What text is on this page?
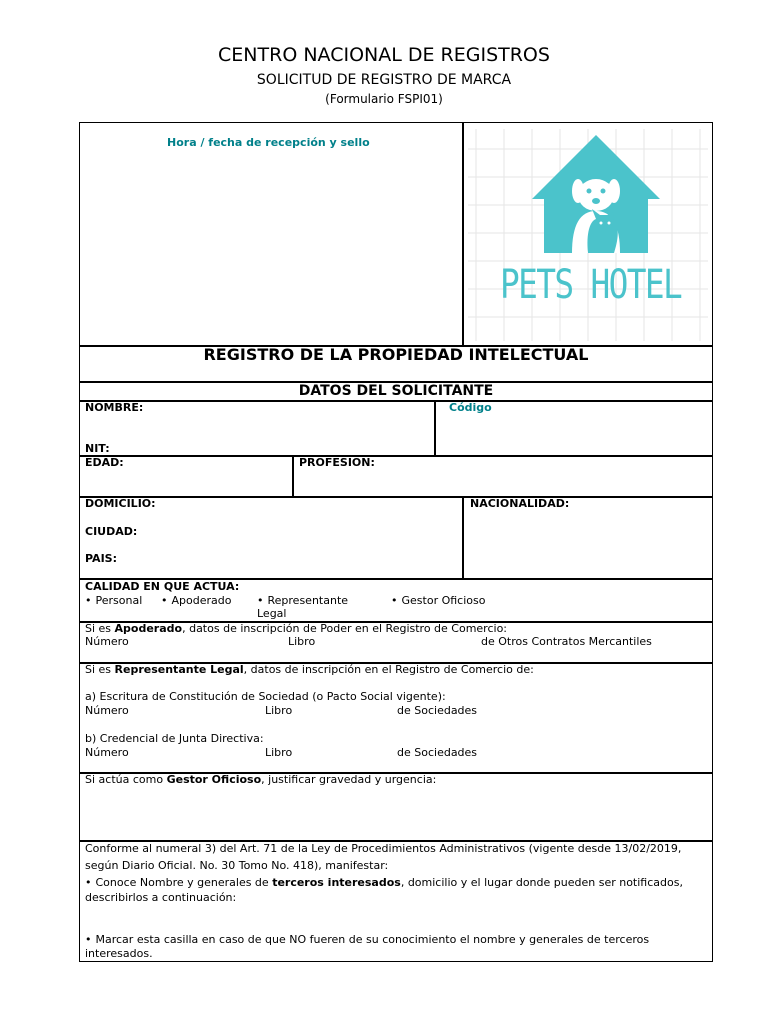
CENTRO NACIONAL DE REGISTROS
SOLICITUD DE REGISTRO DE MARCA
(Formulario FSPI01)
Hora / fecha de recepción y sello
PETS HOTEL
REGISTRO DE LA PROPIEDAD INTELECTUAL
DATOS DEL SOLICITANTE
NOMBRE:
NIT:
Código
EDAD:	PROFESION:
DOMICILIO:
CIUDAD:
PAIS:
NACIONALIDAD:
CALIDAD EN QUE ACTUA:
• Personal	• Apoderado	• Representante
Legal
• Gestor Oficioso
Si es Apoderado, datos de inscripción de Poder en el Registro de Comercio:
Número	Libro	de Otros Contratos Mercantiles
Si es Representante Legal, datos de inscripción en el Registro de Comercio de:
a) Escritura de Constitución de Sociedad (o Pacto Social vigente):
Número	Libro	de Sociedades
b) Credencial de Junta Directiva:
Número	Libro	de Sociedades
Si actúa como Gestor Oficioso, justificar gravedad y urgencia:
Conforme al numeral 3) del Art. 71 de la Ley de Procedimientos Administrativos (vigente desde 13/02/2019,
según Diario Oficial. No. 30 Tomo No. 418), manifestar:
• Conoce Nombre y generales de terceros interesados, domicilio y el lugar donde pueden ser notificados,
describirlos a continuación:
• Marcar esta casilla en caso de que NO fueren de su conocimiento el nombre y generales de terceros
interesados.
